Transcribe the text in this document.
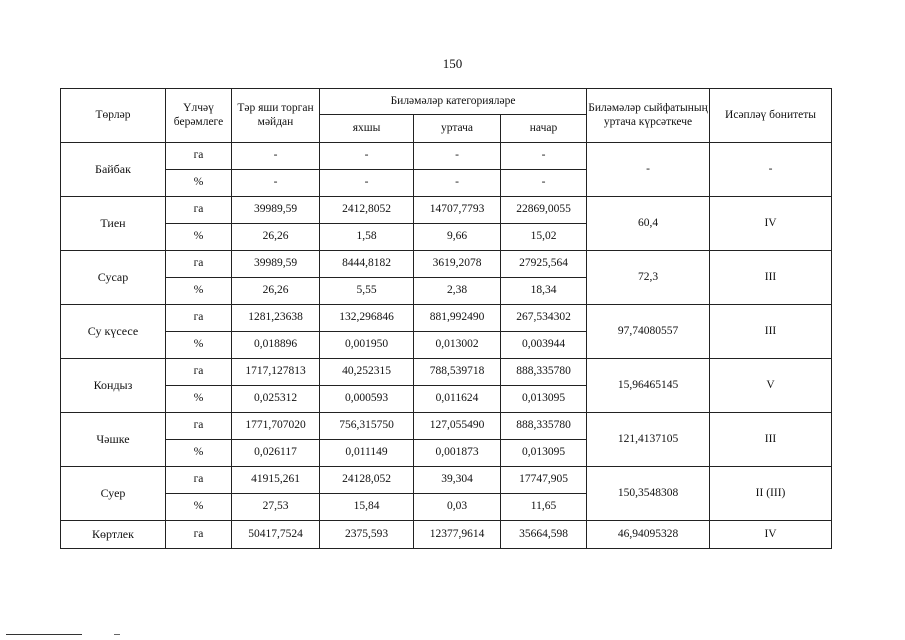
150
Төрләр	Үлчәү берәмлеге	Тәр яши торган мәйдан	Биләмәләр категорияләре			Биләмәләр сыйфатының уртача күрсәткече	Исәпләү бонитеты
			яхшы	уртача	начар		
Байбак	га	-	-	-	-	-	-
	%	-	-	-	-		
Тиен	га	39989,59	2412,8052	14707,7793	22869,0055	60,4	IV
	%	26,26	1,58	9,66	15,02		
Сусар	га	39989,59	8444,8182	3619,2078	27925,564	72,3	III
	%	26,26	5,55	2,38	18,34		
Су күсесе	га	1281,23638	132,296846	881,992490	267,534302	97,74080557	III
	%	0,018896	0,001950	0,013002	0,003944		
Кондыз	га	1717,127813	40,252315	788,539718	888,335780	15,96465145	V
	%	0,025312	0,000593	0,011624	0,013095		
Чәшке	га	1771,707020	756,315750	127,055490	888,335780	121,4137105	III
	%	0,026117	0,011149	0,001873	0,013095		
Суер	га	41915,261	24128,052	39,304	17747,905	150,3548308	II (III)
	%	27,53	15,84	0,03	11,65		
Көртлек	га	50417,7524	2375,593	12377,9614	35664,598	46,94095328	IV
